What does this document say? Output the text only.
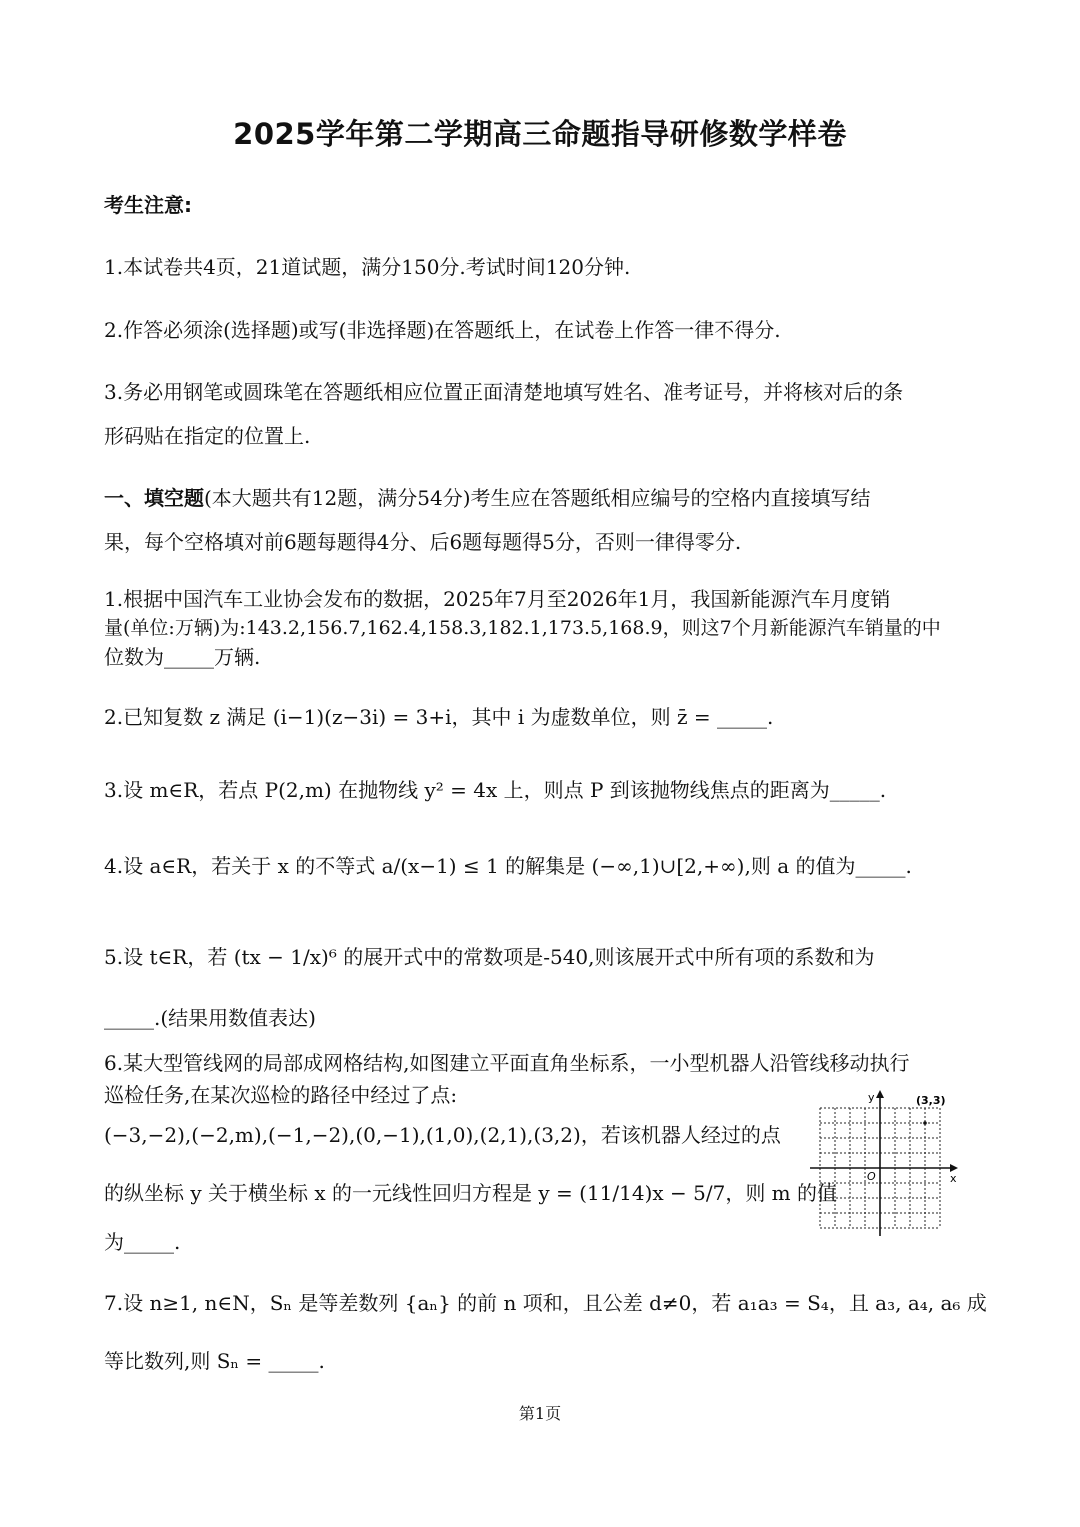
2025学年第二学期高三命题指导研修数学样卷
考生注意:
1.本试卷共4页，21道试题，满分150分.考试时间120分钟.
2.作答必须涂(选择题)或写(非选择题)在答题纸上，在试卷上作答一律不得分.
3.务必用钢笔或圆珠笔在答题纸相应位置正面清楚地填写姓名、准考证号，并将核对后的条
形码贴在指定的位置上.
一、填空题(本大题共有12题，满分54分)考生应在答题纸相应编号的空格内直接填写结
果，每个空格填对前6题每题得4分、后6题每题得5分，否则一律得零分.
1.根据中国汽车工业协会发布的数据，2025年7月至2026年1月，我国新能源汽车月度销
量(单位:万辆)为:143.2,156.7,162.4,158.3,182.1,173.5,168.9，则这7个月新能源汽车销量的中
位数为_____万辆.
2.已知复数 z 满足 (i−1)(z−3i) = 3+i，其中 i 为虚数单位，则 z̄ = _____.
3.设 m∈R，若点 P(2,m) 在抛物线 y² = 4x 上，则点 P 到该抛物线焦点的距离为_____.
4.设 a∈R，若关于 x 的不等式 a/(x−1) ≤ 1 的解集是 (−∞,1)∪[2,+∞),则 a 的值为_____.
5.设 t∈R，若 (tx − 1/x)⁶ 的展开式中的常数项是-540,则该展开式中所有项的系数和为
_____.(结果用数值表达)
6.某大型管线网的局部成网格结构,如图建立平面直角坐标系，一小型机器人沿管线移动执行
巡检任务,在某次巡检的路径中经过了点:
(−3,−2),(−2,m),(−1,−2),(0,−1),(1,0),(2,1),(3,2)，若该机器人经过的点
的纵坐标 y 关于横坐标 x 的一元线性回归方程是 y = (11/14)x − 5/7，则 m 的值
为_____.
y
x
O
(3,3)
7.设 n≥1, n∈N，Sₙ 是等差数列 {aₙ} 的前 n 项和，且公差 d≠0，若 a₁a₃ = S₄，且 a₃, a₄, a₆ 成
等比数列,则 Sₙ = _____.
第1页
